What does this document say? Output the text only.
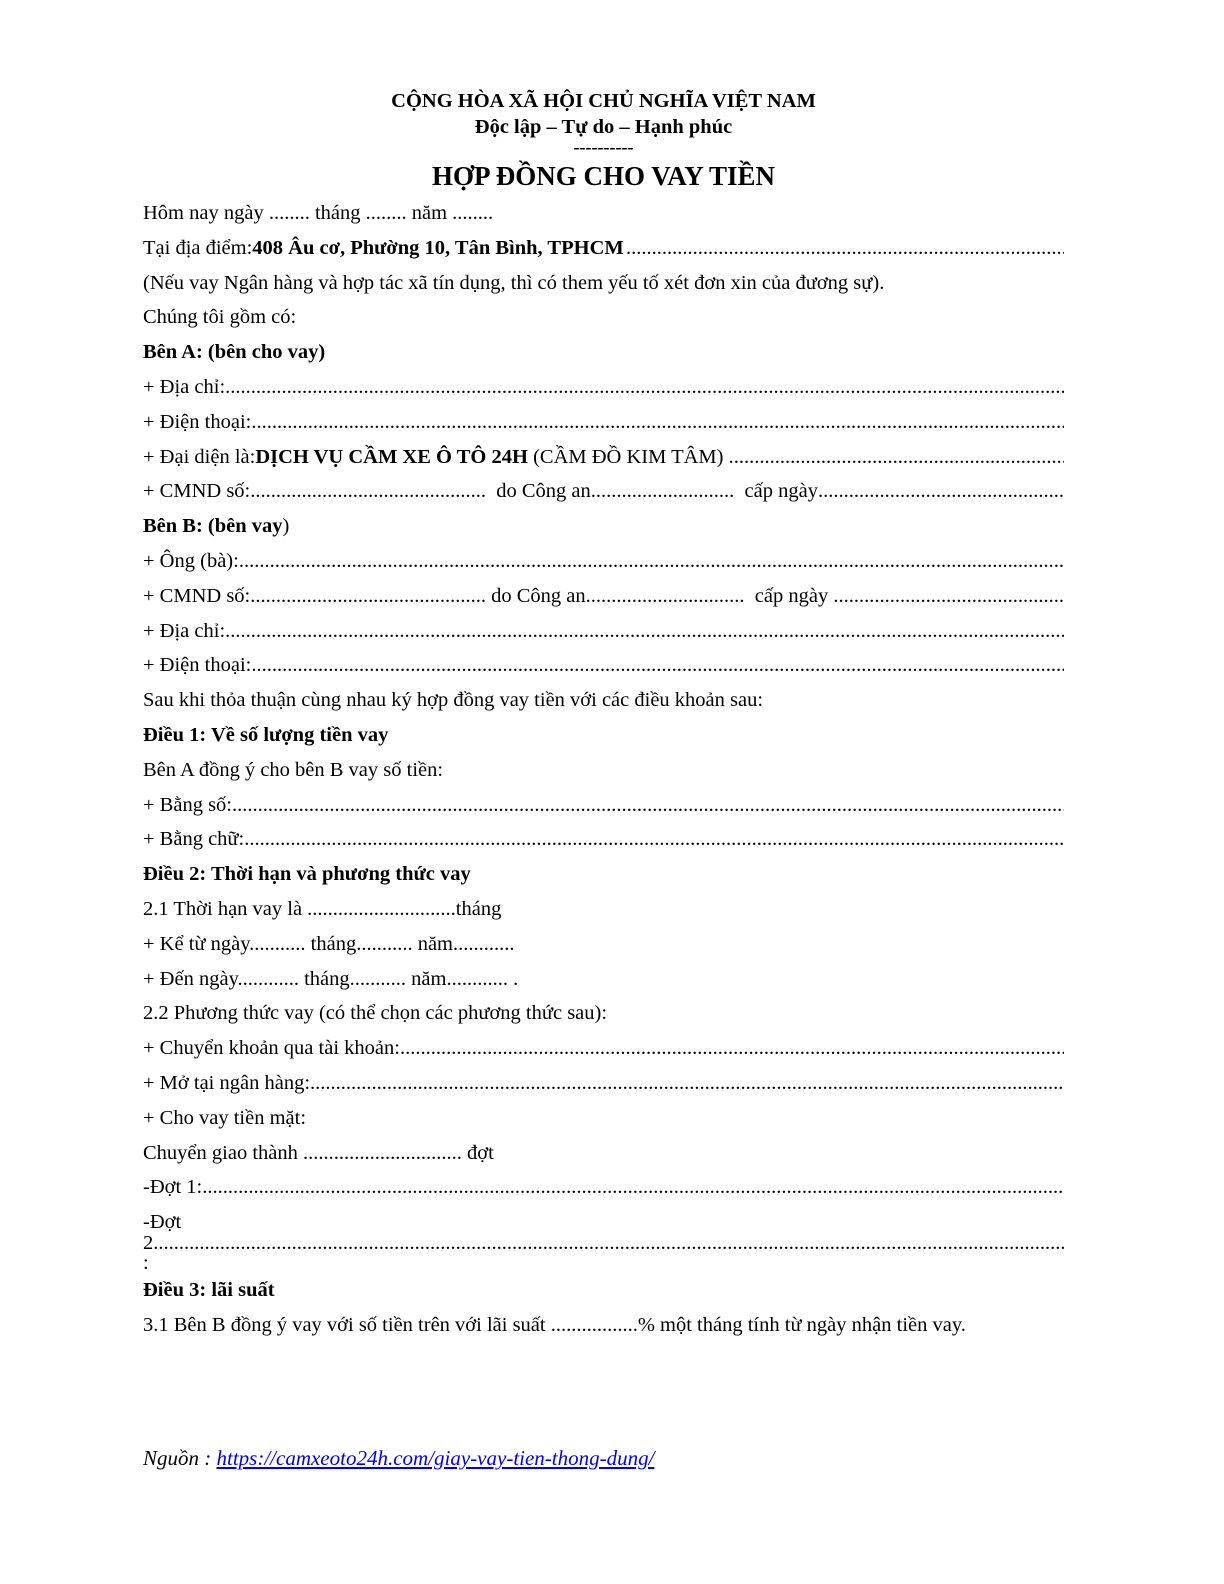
CỘNG HÒA XÃ HỘI CHỦ NGHĨA VIỆT NAM
Độc lập – Tự do – Hạnh phúc
----------
HỢP ĐỒNG CHO VAY TIỀN
Hôm nay ngày ........ tháng ........ năm ........
Tại địa điểm: 408 Âu cơ, Phường 10, Tân Bình, TPHCM
.....
(Nếu vay Ngân hàng và hợp tác xã tín dụng, thì có them yếu tố xét đơn xin của đương sự).
Chúng tôi gồm có:
Bên A: (bên cho vay)
+ Địa chỉ:
.....
+ Điện thoại:
.....
+ Đại diện là: DỊCH VỤ CẦM XE Ô TÔ 24H (CẦM ĐỒ KIM TÂM)
.....
+ CMND số: .............................................. do Công an ............................ cấp ngày
.....
Bên B: (bên vay)
+ Ông (bà):
.....
+ CMND số: .............................................. do Công an ............................... cấp ngày
.....
+ Địa chỉ:
.....
+ Điện thoại:
.....
Sau khi thỏa thuận cùng nhau ký hợp đồng vay tiền với các điều khoản sau:
Điều 1: Về số lượng tiền vay
Bên A đồng ý cho bên B vay số tiền:
+ Bằng số:
.....
+ Bằng chữ:
.....
Điều 2: Thời hạn và phương thức vay
2.1 Thời hạn vay là .............................tháng
+ Kể từ ngày........... tháng........... năm............
+ Đến ngày............ tháng........... năm............ .
2.2 Phương thức vay (có thể chọn các phương thức sau):
+ Chuyển khoản qua tài khoản:
.....
+ Mở tại ngân hàng:
.....
+ Cho vay tiền mặt:
Chuyển giao thành ............................... đợt
-Đợt 1:
.....
-Đợt
2
.....
:
Điều 3: lãi suất
3.1 Bên B đồng ý vay với số tiền trên với lãi suất .................% một tháng tính từ ngày nhận tiền vay.
Nguồn : https://camxeoto24h.com/giay-vay-tien-thong-dung/
